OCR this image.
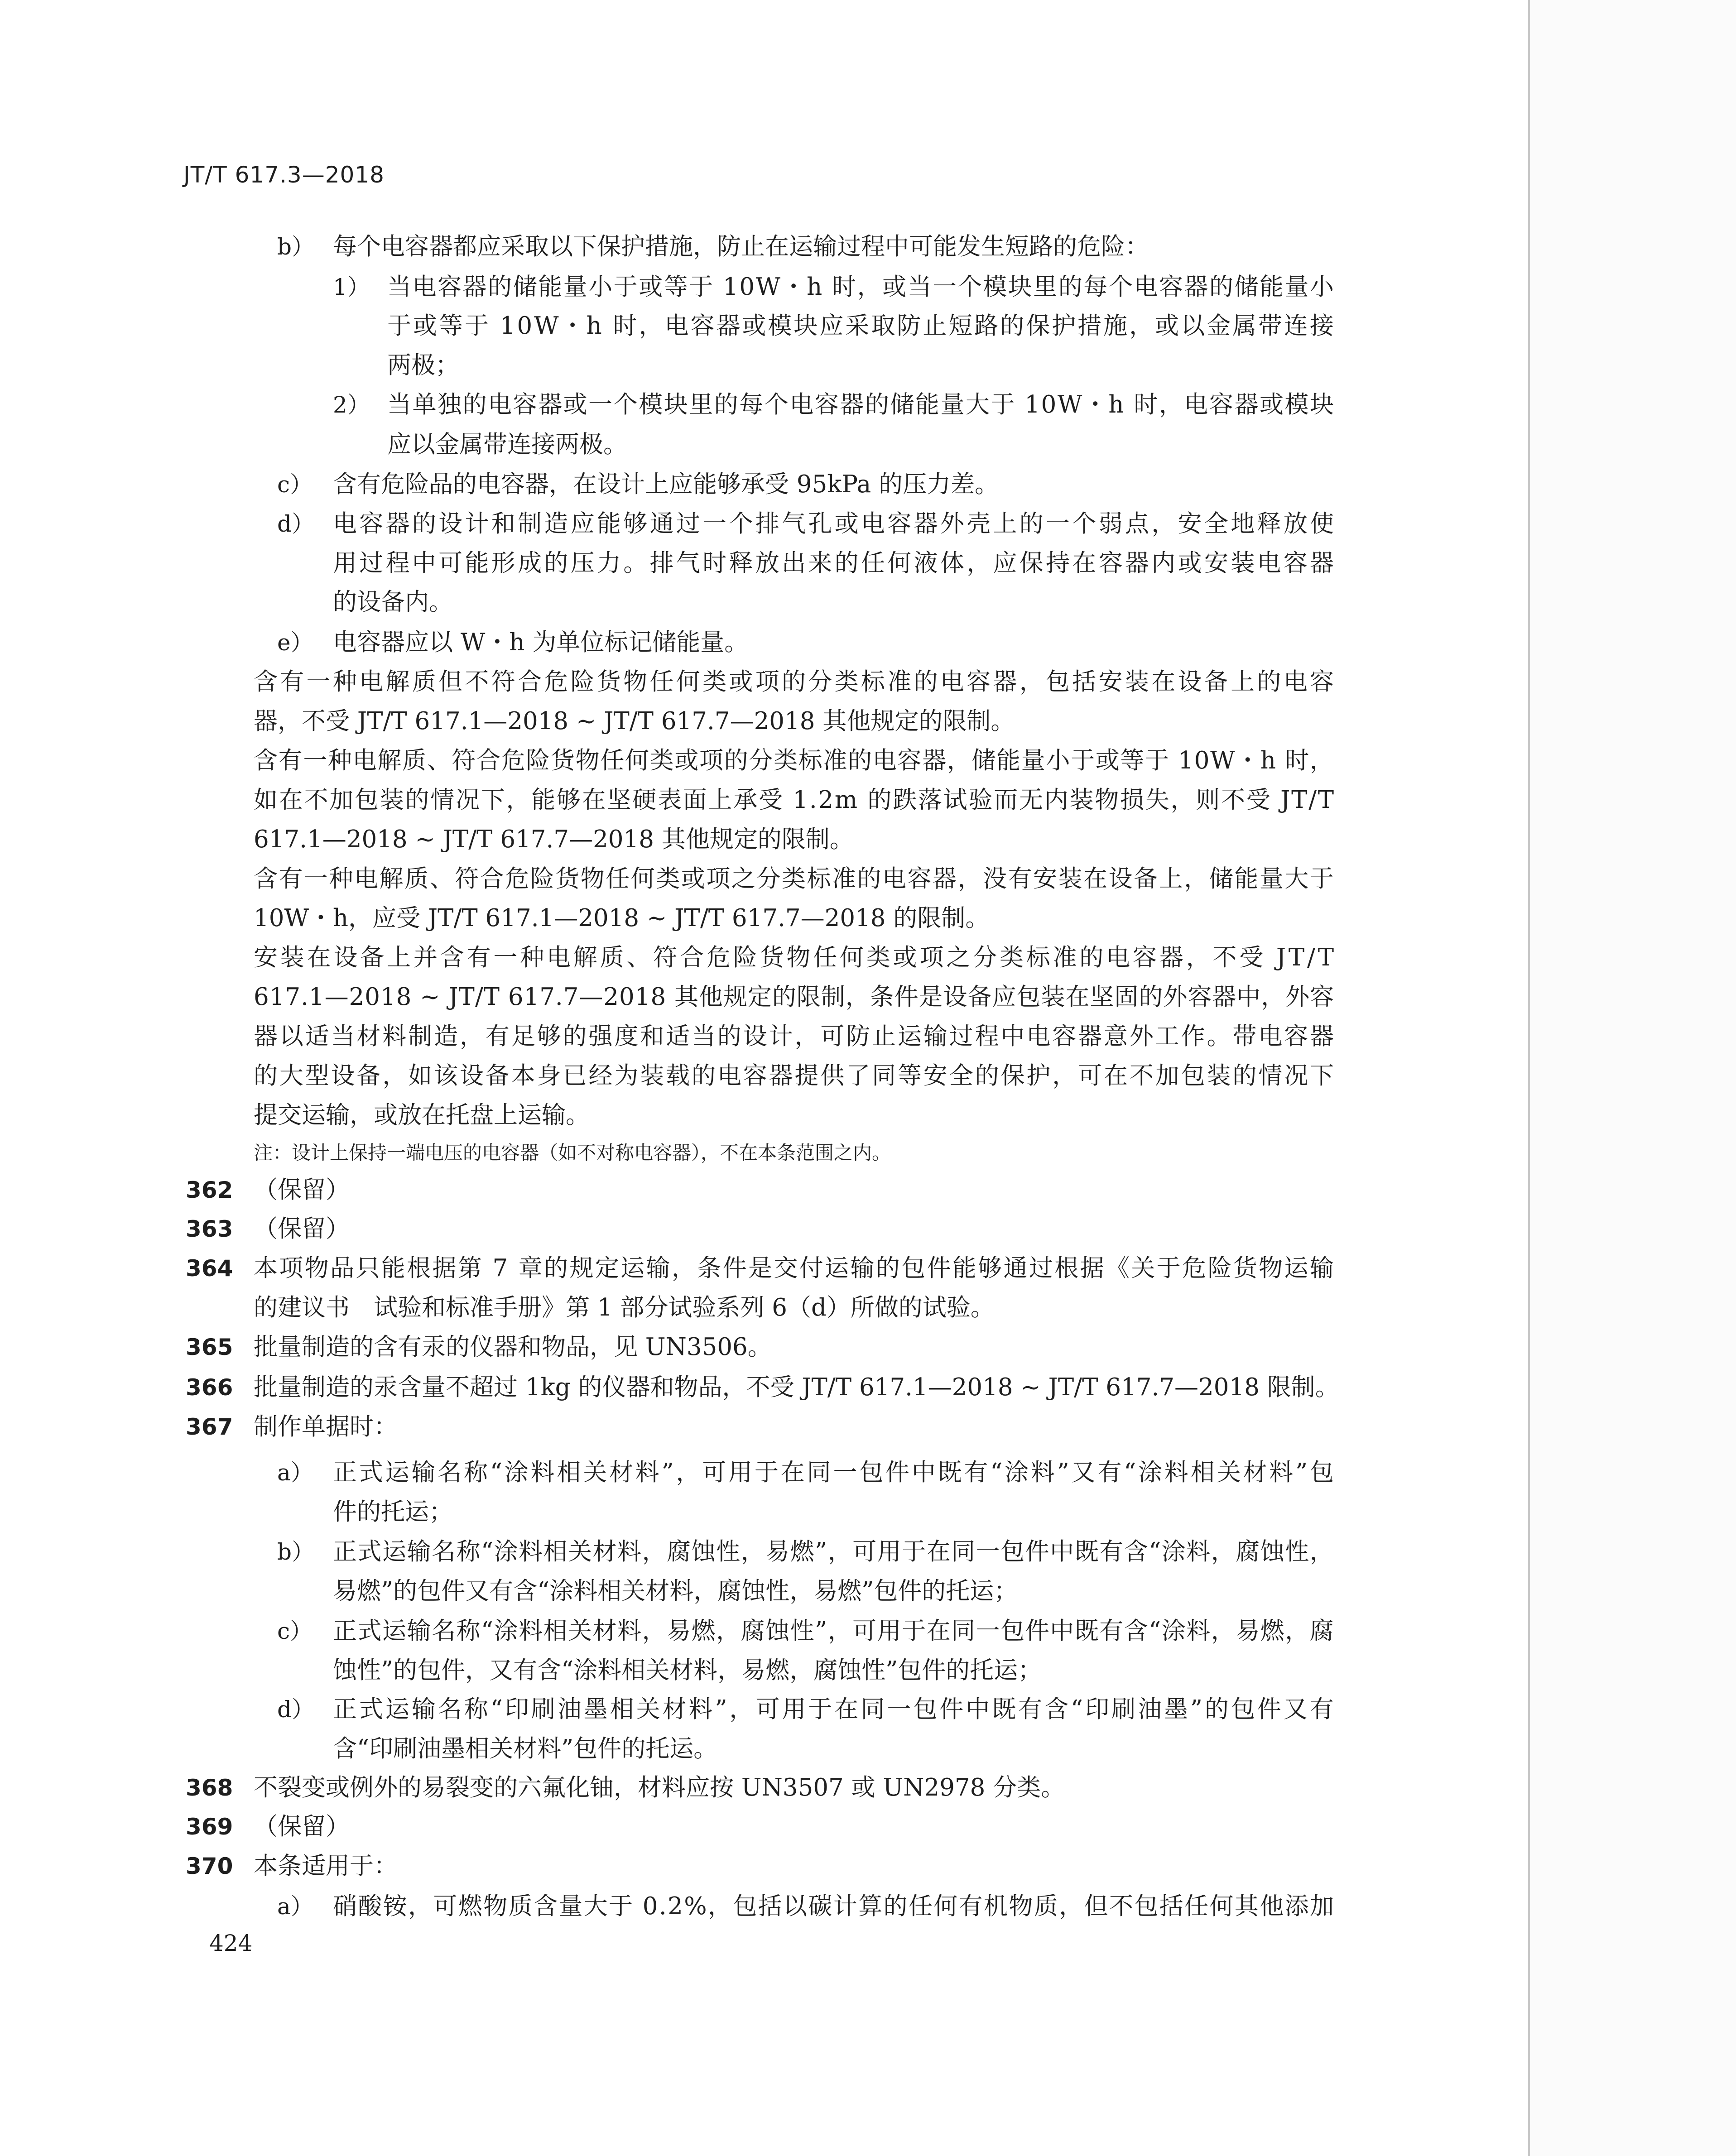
JT/T 617.3—2018
b）
1）
2）
c）
d）
e）
a）
b）
c）
d）
a）
362
363
364
365
366
367
368
369
370
每个电容器都应采取以下保护措施，防止在运输过程中可能发生短路的危险：
当电容器的储能量小于或等于 10W・h 时，或当一个模块里的每个电容器的储能量小
于或等于 10W・h 时，电容器或模块应采取防止短路的保护措施，或以金属带连接
两极；
当单独的电容器或一个模块里的每个电容器的储能量大于 10W・h 时，电容器或模块
应以金属带连接两极。
含有危险品的电容器，在设计上应能够承受 95kPa 的压力差。
电容器的设计和制造应能够通过一个排气孔或电容器外壳上的一个弱点，安全地释放使
用过程中可能形成的压力。排气时释放出来的任何液体，应保持在容器内或安装电容器
的设备内。
电容器应以 W・h 为单位标记储能量。
含有一种电解质但不符合危险货物任何类或项的分类标准的电容器，包括安装在设备上的电容
器，不受 JT/T 617.1—2018 ~ JT/T 617.7—2018 其他规定的限制。
含有一种电解质、符合危险货物任何类或项的分类标准的电容器，储能量小于或等于 10W・h 时，
如在不加包装的情况下，能够在坚硬表面上承受 1.2m 的跌落试验而无内装物损失，则不受 JT/T
617.1—2018 ~ JT/T 617.7—2018 其他规定的限制。
含有一种电解质、符合危险货物任何类或项之分类标准的电容器，没有安装在设备上，储能量大于
10W・h，应受 JT/T 617.1—2018 ~ JT/T 617.7—2018 的限制。
安装在设备上并含有一种电解质、符合危险货物任何类或项之分类标准的电容器，不受 JT/T
617.1—2018 ~ JT/T 617.7—2018 其他规定的限制，条件是设备应包装在坚固的外容器中，外容
器以适当材料制造，有足够的强度和适当的设计，可防止运输过程中电容器意外工作。带电容器
的大型设备，如该设备本身已经为装载的电容器提供了同等安全的保护，可在不加包装的情况下
提交运输，或放在托盘上运输。
注：设计上保持一端电压的电容器（如不对称电容器），不在本条范围之内。
（保留）
（保留）
本项物品只能根据第 7 章的规定运输，条件是交付运输的包件能够通过根据《关于危险货物运输
的建议书　试验和标准手册》第 1 部分试验系列 6（d）所做的试验。
批量制造的含有汞的仪器和物品，见 UN3506。
批量制造的汞含量不超过 1kg 的仪器和物品，不受 JT/T 617.1—2018 ~ JT/T 617.7—2018 限制。
制作单据时：
正式运输名称“涂料相关材料”，可用于在同一包件中既有“涂料”又有“涂料相关材料”包
件的托运；
正式运输名称“涂料相关材料，腐蚀性，易燃”，可用于在同一包件中既有含“涂料，腐蚀性，
易燃”的包件又有含“涂料相关材料，腐蚀性，易燃”包件的托运；
正式运输名称“涂料相关材料，易燃，腐蚀性”，可用于在同一包件中既有含“涂料，易燃，腐
蚀性”的包件，又有含“涂料相关材料，易燃，腐蚀性”包件的托运；
正式运输名称“印刷油墨相关材料”，可用于在同一包件中既有含“印刷油墨”的包件又有
含“印刷油墨相关材料”包件的托运。
不裂变或例外的易裂变的六氟化铀，材料应按 UN3507 或 UN2978 分类。
（保留）
本条适用于：
硝酸铵，可燃物质含量大于 0.2%，包括以碳计算的任何有机物质，但不包括任何其他添加
424
